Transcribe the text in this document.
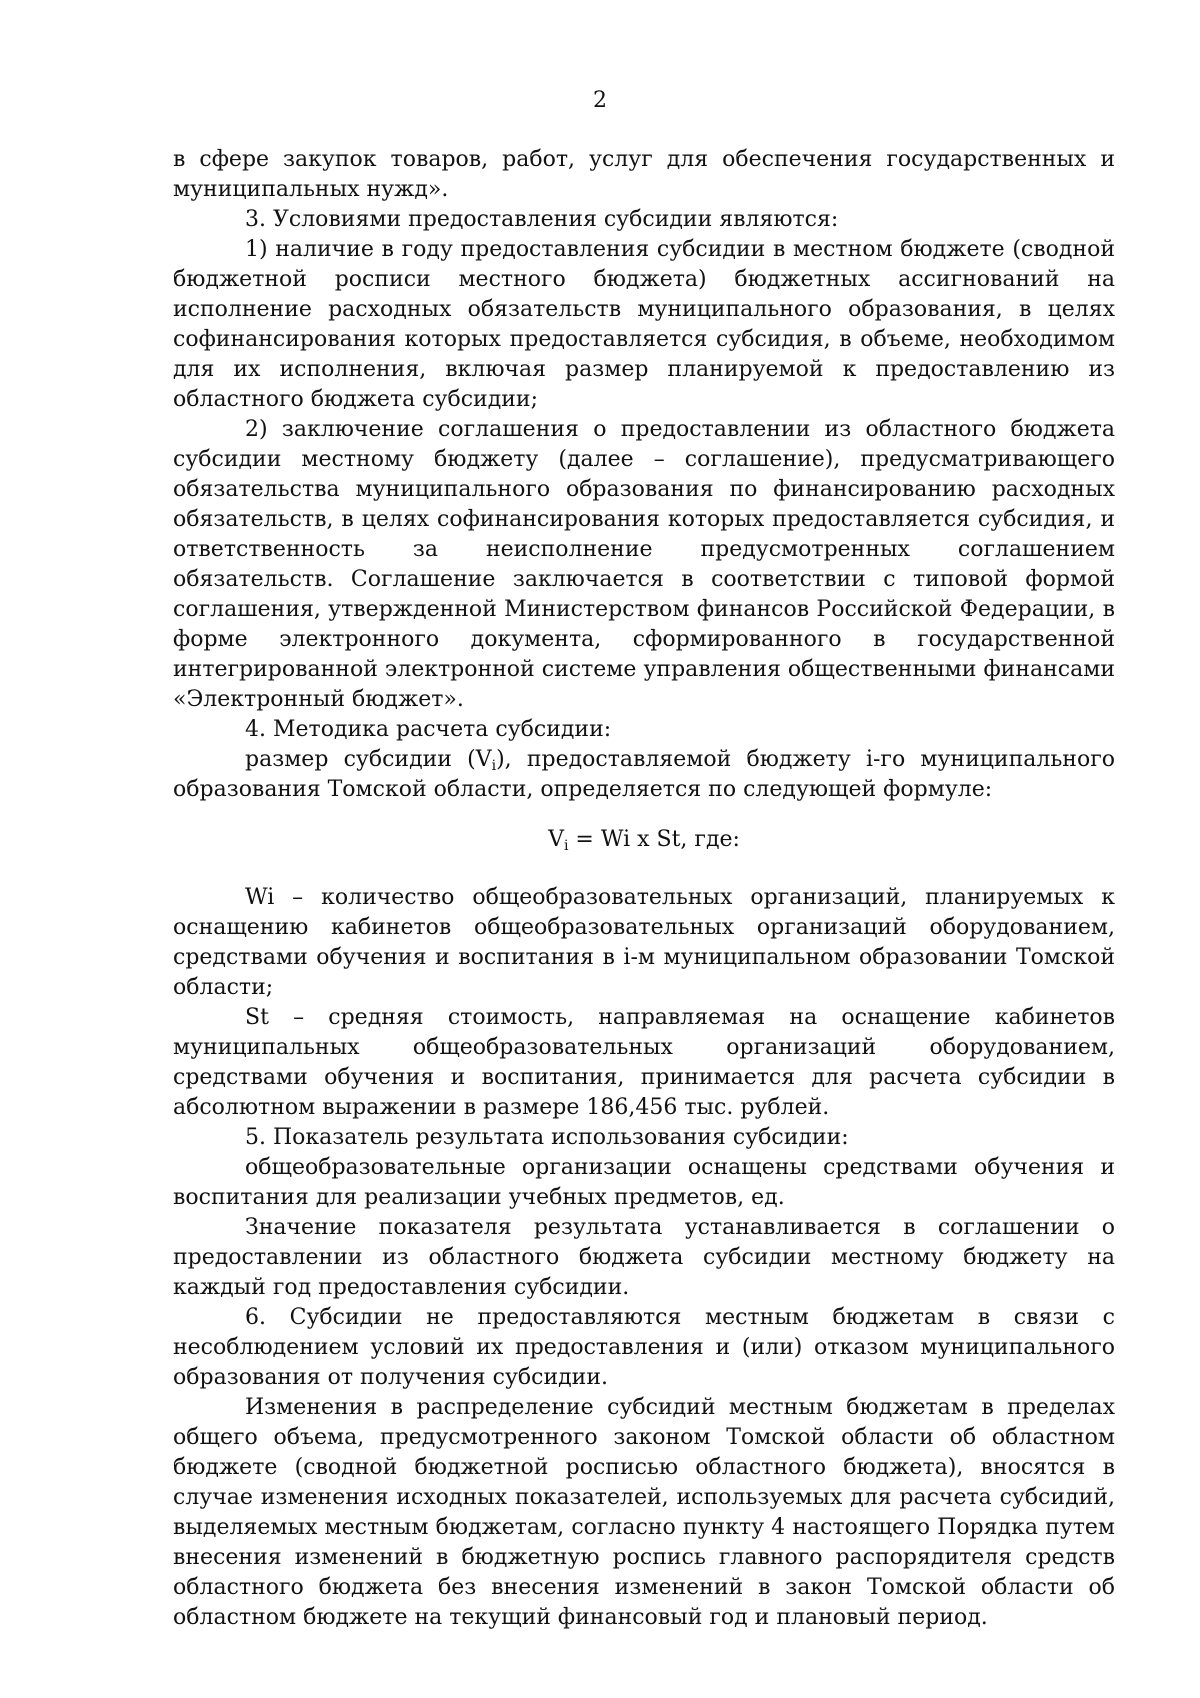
2

в сфере закупок товаров, работ, услуг для обеспечения государственных и муниципальных нужд».

3. Условиями предоставления субсидии являются:

1) наличие в году предоставления субсидии в местном бюджете (сводной бюджетной росписи местного бюджета) бюджетных ассигнований на исполнение расходных обязательств муниципального образования, в целях софинансирования которых предоставляется субсидия, в объеме, необходимом для их исполнения, включая размер планируемой к предоставлению из областного бюджета субсидии;

2) заключение соглашения о предоставлении из областного бюджета субсидии местному бюджету (далее – соглашение), предусматривающего обязательства муниципального образования по финансированию расходных обязательств, в целях софинансирования которых предоставляется субсидия, и ответственность за неисполнение предусмотренных соглашением обязательств. Соглашение заключается в соответствии с типовой формой соглашения, утвержденной Министерством финансов Российской Федерации, в форме электронного документа, сформированного в государственной интегрированной электронной системе управления общественными финансами «Электронный бюджет».

4. Методика расчета субсидии:

размер субсидии $(V_i)$, предоставляемой бюджету i-го муниципального образования Томской области, определяется по следующей формуле:

$V_i = Wi$ x St, где:

Wi – количество общеобразовательных организаций, планируемых к оснащению кабинетов общеобразовательных организаций оборудованием, средствами обучения и воспитания в i-м муниципальном образовании Томской области;

St – средняя стоимость, направляемая на оснащение кабинетов муниципальных общеобразовательных организаций оборудованием, средствами обучения и воспитания, принимается для расчета субсидии в абсолютном выражении в размере 186,456 тыс. рублей.

5. Показатель результата использования субсидии:

общеобразовательные организации оснащены средствами обучения и воспитания для реализации учебных предметов, ед.

Значение показателя результата устанавливается в соглашении о предоставлении из областного бюджета субсидии местному бюджету на каждый год предоставления субсидии.

6. Субсидии не предоставляются местным бюджетам в связи с несоблюдением условий их предоставления и (или) отказом муниципального образования от получения субсидии.

Изменения в распределение субсидий местным бюджетам в пределах общего объема, предусмотренного законом Томской области об областном бюджете (сводной бюджетной росписью областного бюджета), вносятся в случае изменения исходных показателей, используемых для расчета субсидий, выделяемых местным бюджетам, согласно пункту 4 настоящего Порядка путем внесения изменений в бюджетную роспись главного распорядителя средств областного бюджета без внесения изменений в закон Томской области об областном бюджете на текущий финансовый год и плановый период.
